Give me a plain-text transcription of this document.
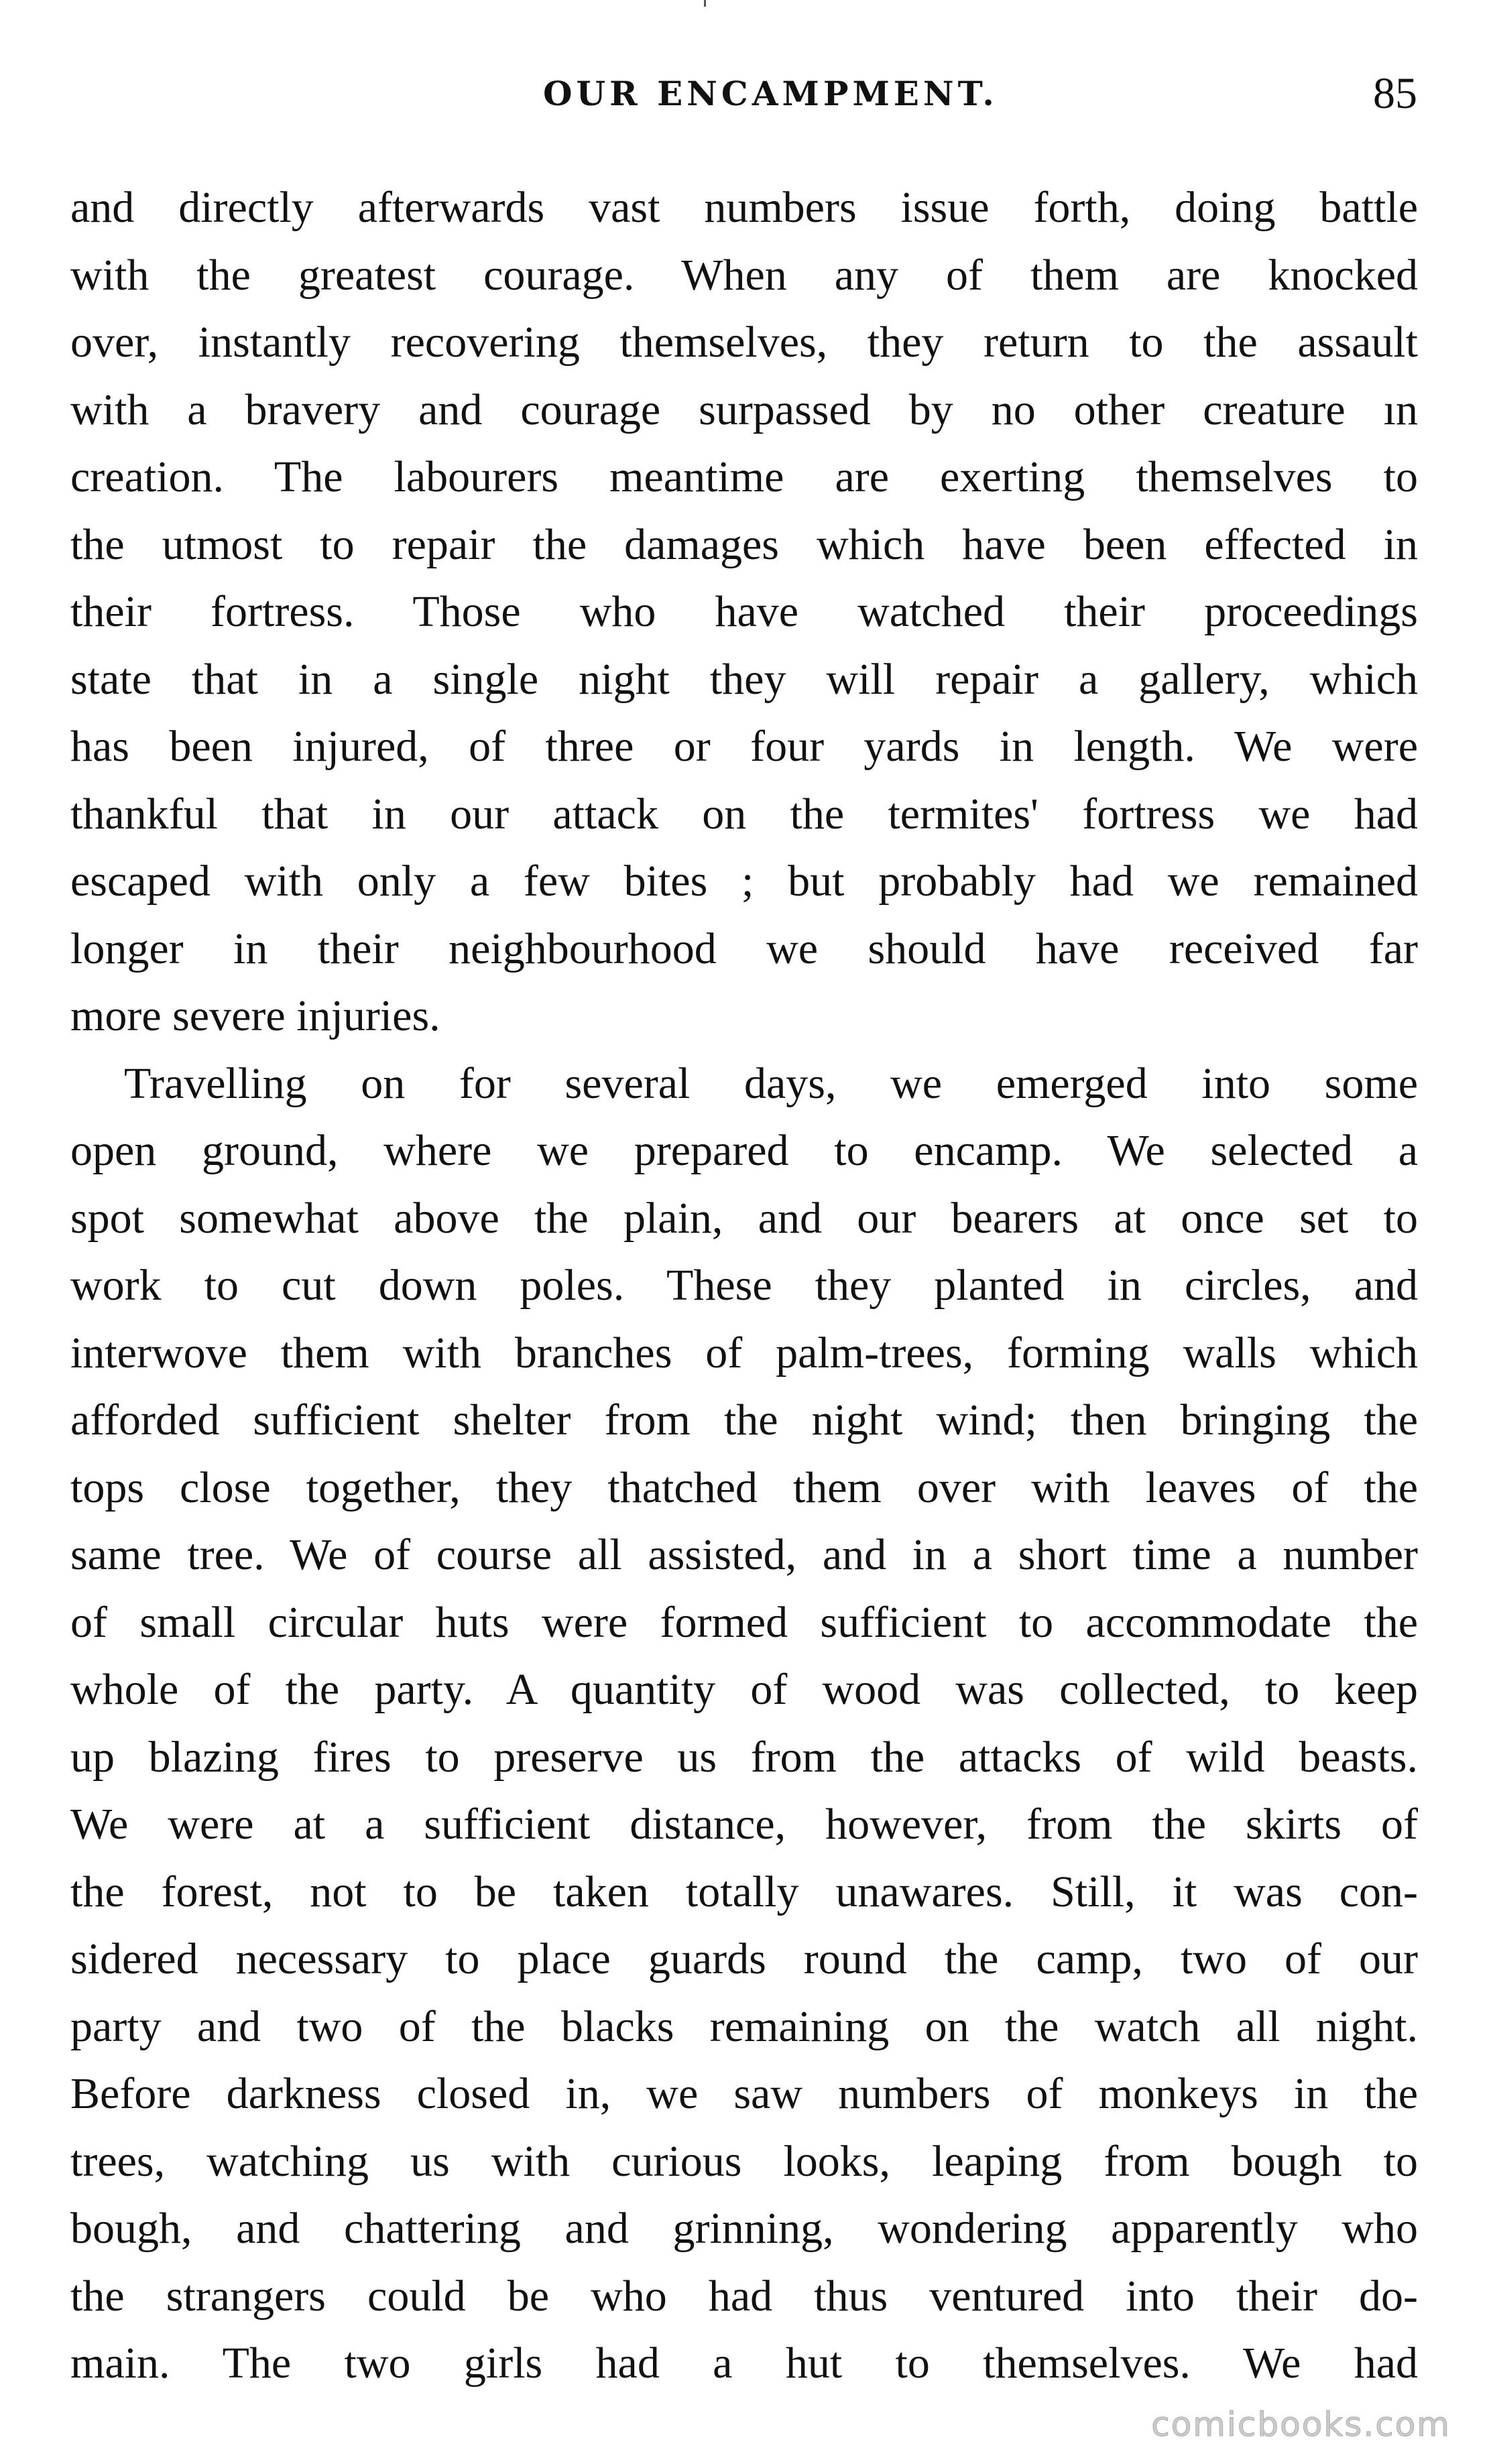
OUR ENCAMPMENT.	85
and directly afterwards vast numbers issue forth, doing battle
with the greatest courage. When any of them are knocked
over, instantly recovering themselves, they return to the assault
with a bravery and courage surpassed by no other creature ın
creation. The labourers meantime are exerting themselves to
the utmost to repair the damages which have been effected in
their fortress. Those who have watched their proceedings
state that in a single night they will repair a gallery, which
has been injured, of three or four yards in length. We were
thankful that in our attack on the termites' fortress we had
escaped with only a few bites ; but probably had we remained
longer in their neighbourhood we should have received far
more severe injuries.
Travelling on for several days, we emerged into some
open ground, where we prepared to encamp. We selected a
spot somewhat above the plain, and our bearers at once set to
work to cut down poles. These they planted in circles, and
interwove them with branches of palm-trees, forming walls which
afforded sufficient shelter from the night wind; then bringing the
tops close together, they thatched them over with leaves of the
same tree. We of course all assisted, and in a short time a number
of small circular huts were formed sufficient to accommodate the
whole of the party. A quantity of wood was collected, to keep
up blazing fires to preserve us from the attacks of wild beasts.
We were at a sufficient distance, however, from the skirts of
the forest, not to be taken totally unawares. Still, it was con-
sidered necessary to place guards round the camp, two of our
party and two of the blacks remaining on the watch all night.
Before darkness closed in, we saw numbers of monkeys in the
trees, watching us with curious looks, leaping from bough to
bough, and chattering and grinning, wondering apparently who
the strangers could be who had thus ventured into their do-
main. The two girls had a hut to themselves. We had
comicbooks.com
